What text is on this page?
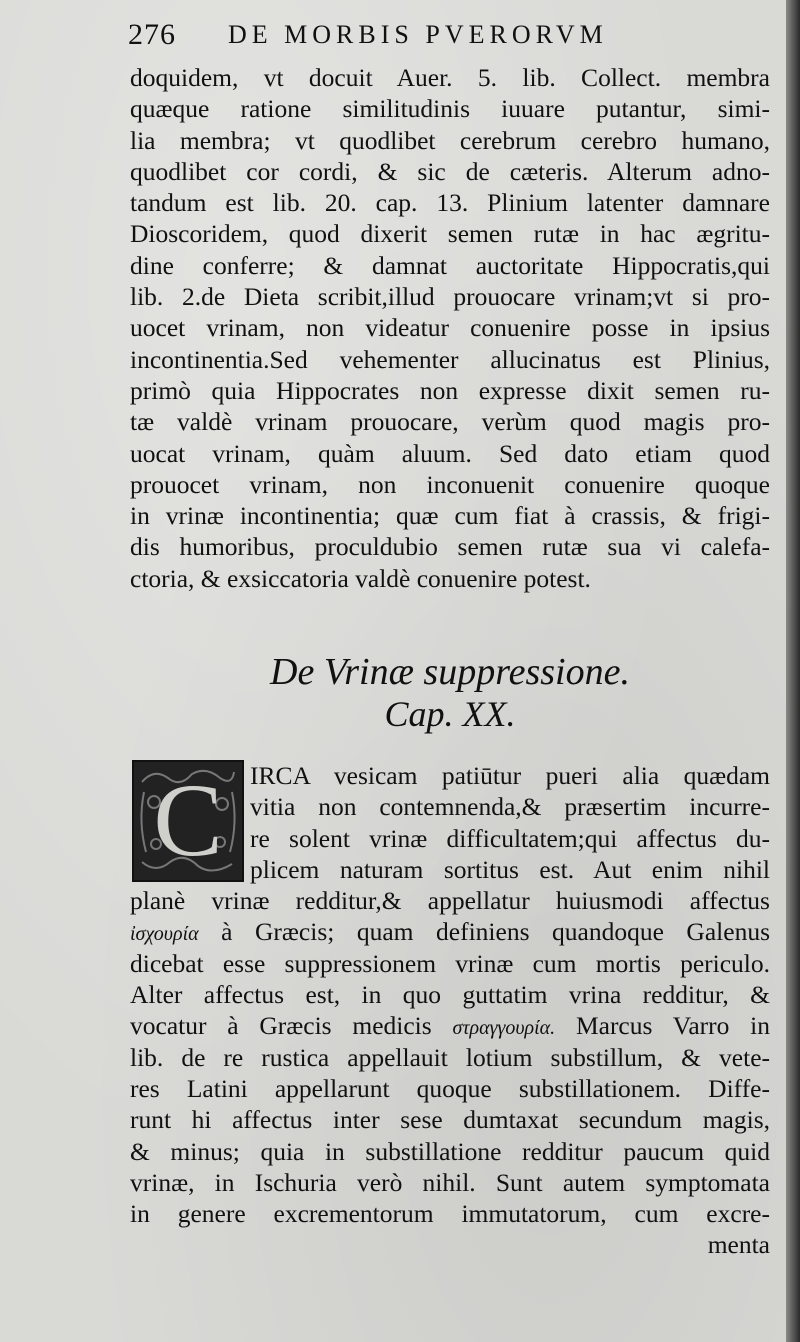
276 DE MORBIS PVERORVM
doquidem, vt docuit Auer. 5. lib. Collect. membra
quæque ratione similitudinis iuuare putantur, simi-
lia membra; vt quodlibet cerebrum cerebro humano,
quodlibet cor cordi, & sic de cæteris. Alterum adno-
tandum est lib. 20. cap. 13. Plinium latenter damnare
Dioscoridem, quod dixerit semen rutæ in hac ægritu-
dine conferre; & damnat auctoritate Hippocratis,qui
lib. 2.de Dieta scribit,illud prouocare vrinam;vt si pro-
uocet vrinam, non videatur conuenire posse in ipsius
incontinentia.Sed vehementer allucinatus est Plinius,
primò quia Hippocrates non expresse dixit semen ru-
tæ valdè vrinam prouocare, verùm quod magis pro-
uocat vrinam, quàm aluum. Sed dato etiam quod
prouocet vrinam, non inconuenit conuenire quoque
in vrinæ incontinentia; quæ cum fiat à crassis, & frigi-
dis humoribus, proculdubio semen rutæ sua vi calefa-
ctoria, & exsiccatoria valdè conuenire potest.
De Vrinæ suppressione.
Cap. XX.
C	IRCA vesicam patiūtur pueri alia quædam
vitia non contemnenda,& præsertim incurre-
re solent vrinæ difficultatem;qui affectus du-
plicem naturam sortitus est. Aut enim nihil
planè vrinæ redditur,& appellatur huiusmodi affectus
ἰσχουρία à Græcis; quam definiens quandoque Galenus
dicebat esse suppressionem vrinæ cum mortis periculo.
Alter affectus est, in quo guttatim vrina redditur, &
vocatur à Græcis medicis στραγγουρία. Marcus Varro in
lib. de re rustica appellauit lotium substillum, & vete-
res Latini appellarunt quoque substillationem. Diffe-
runt hi affectus inter sese dumtaxat secundum magis,
& minus; quia in substillatione redditur paucum quid
vrinæ, in Ischuria verò nihil. Sunt autem symptomata
in genere excrementorum immutatorum, cum excre-
menta
